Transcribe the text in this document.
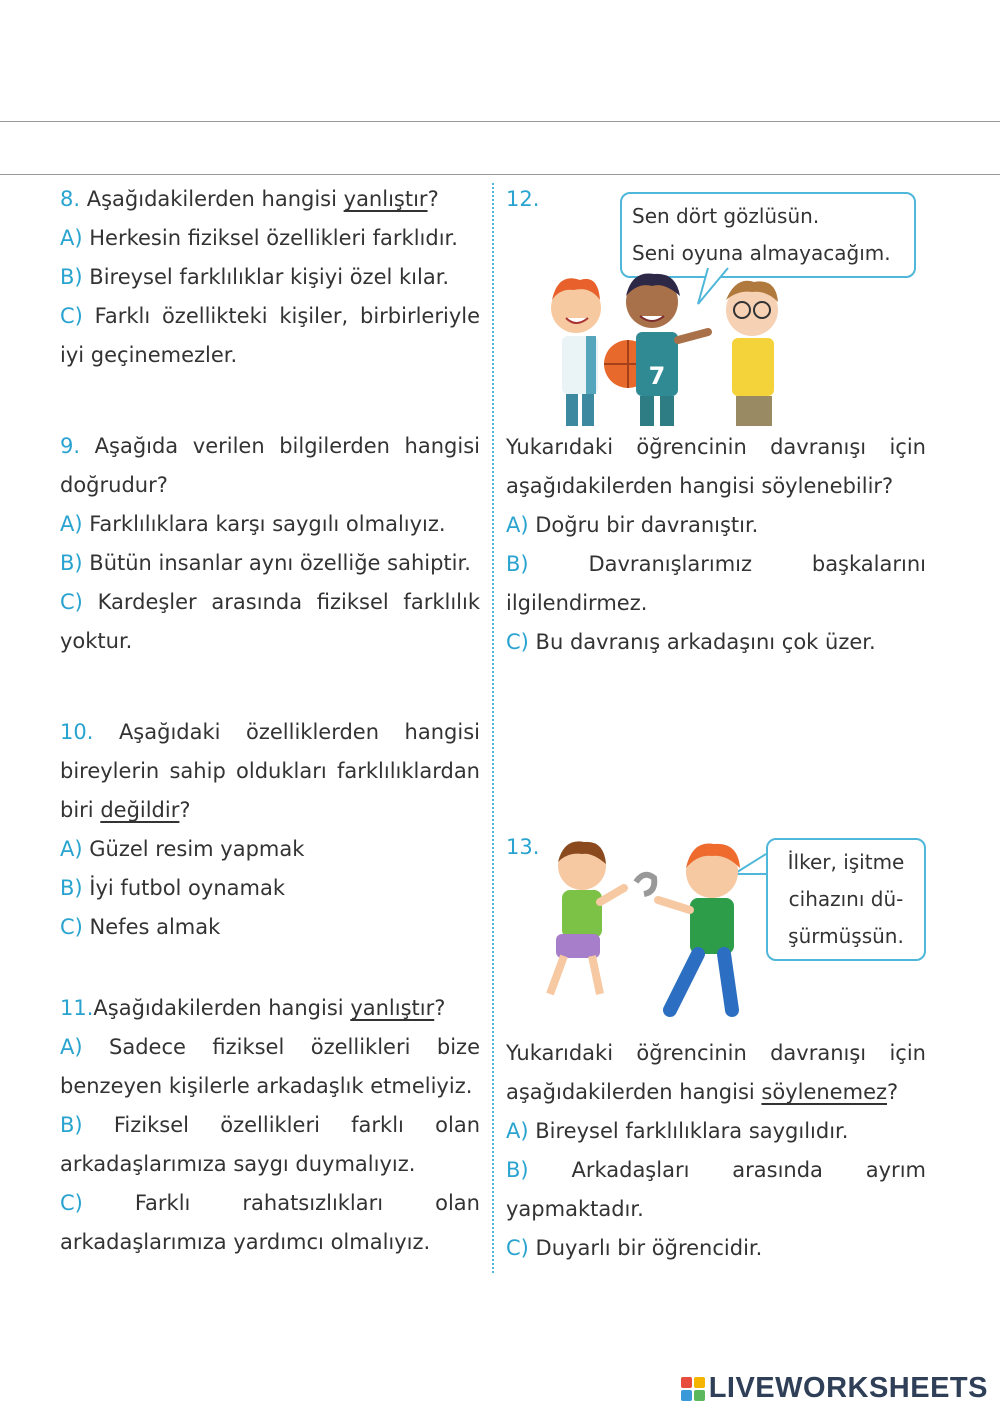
8. Aşağıdakilerden hangisi yanlıştır?

A) Herkesin fiziksel özellikleri farklıdır.

B) Bireysel farklılıklar kişiyi özel kılar.

C) Farklı özellikteki kişiler, birbirleriyle iyi geçinemezler.

9. Aşağıda verilen bilgilerden hangisi doğrudur?

A) Farklılıklara karşı saygılı olmalıyız.

B) Bütün insanlar aynı özelliğe sahiptir.

C) Kardeşler arasında fiziksel farklılık yoktur.

10. Aşağıdaki özelliklerden hangisi bireylerin sahip oldukları farklılıklardan biri değildir?

A) Güzel resim yapmak

B) İyi futbol oynamak

C) Nefes almak

11.Aşağıdakilerden hangisi yanlıştır?

A) Sadece fiziksel özellikleri bize benzeyen kişilerle arkadaşlık etmeliyiz.

B) Fiziksel özellikleri farklı olan arkadaşlarımıza saygı duymalıyız.

C) Farklı rahatsızlıkları olan arkadaşlarımıza yardımcı olmalıyız.

12.
Sen dört gözlüsün.
Seni oyuna almayacağım.
7

Yukarıdaki öğrencinin davranışı için aşağıdakilerden hangisi söylenebilir?

A) Doğru bir davranıştır.

B)	Davranışlarımız başkalarını ilgilendirmez.

C) Bu davranış arkadaşını çok üzer.

13.
İlker, işitme
cihazını dü-
şürmüşsün.

Yukarıdaki öğrencinin davranışı için aşağıdakilerden hangisi söylenemez?

A) Bireysel farklılıklara saygılıdır.

B) Arkadaşları arasında ayrım yapmaktadır.

C) Duyarlı bir öğrencidir.

LIVEWORKSHEETS
